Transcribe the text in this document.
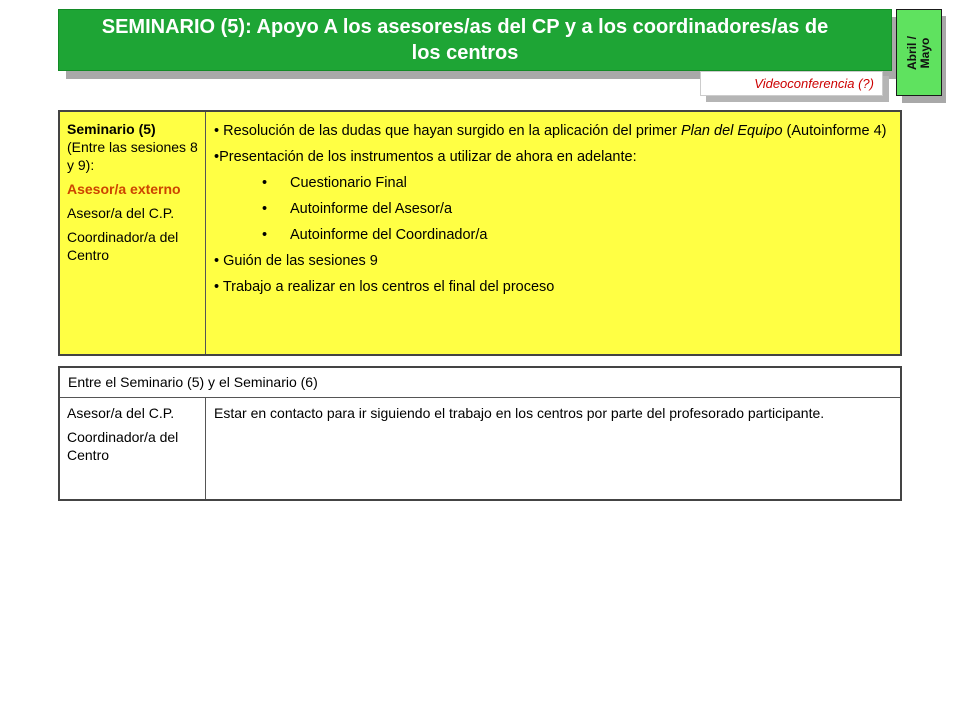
SEMINARIO (5): Apoyo A los asesores/as del CP y a los coordinadores/as de los centros
Videoconferencia (?)
Abril /
Mayo

Seminario (5)
(Entre las sesiones 8 y 9):

Asesor/a externo

Asesor/a del C.P.

Coordinador/a del Centro

• Resolución de las dudas que hayan surgido en la aplicación del primer Plan del Equipo (Autoinforme 4)

•Presentación de los instrumentos a utilizar de ahora en adelante:

• Cuestionario Final
• Autoinforme del Asesor/a
• Autoinforme del Coordinador/a

• Guión de las sesiones 9

• Trabajo a realizar en los centros el final del proceso

Entre el Seminario (5) y el Seminario (6)

Asesor/a del C.P.

Coordinador/a del Centro

Estar en contacto para ir siguiendo el trabajo en los centros por parte del profesorado participante.
